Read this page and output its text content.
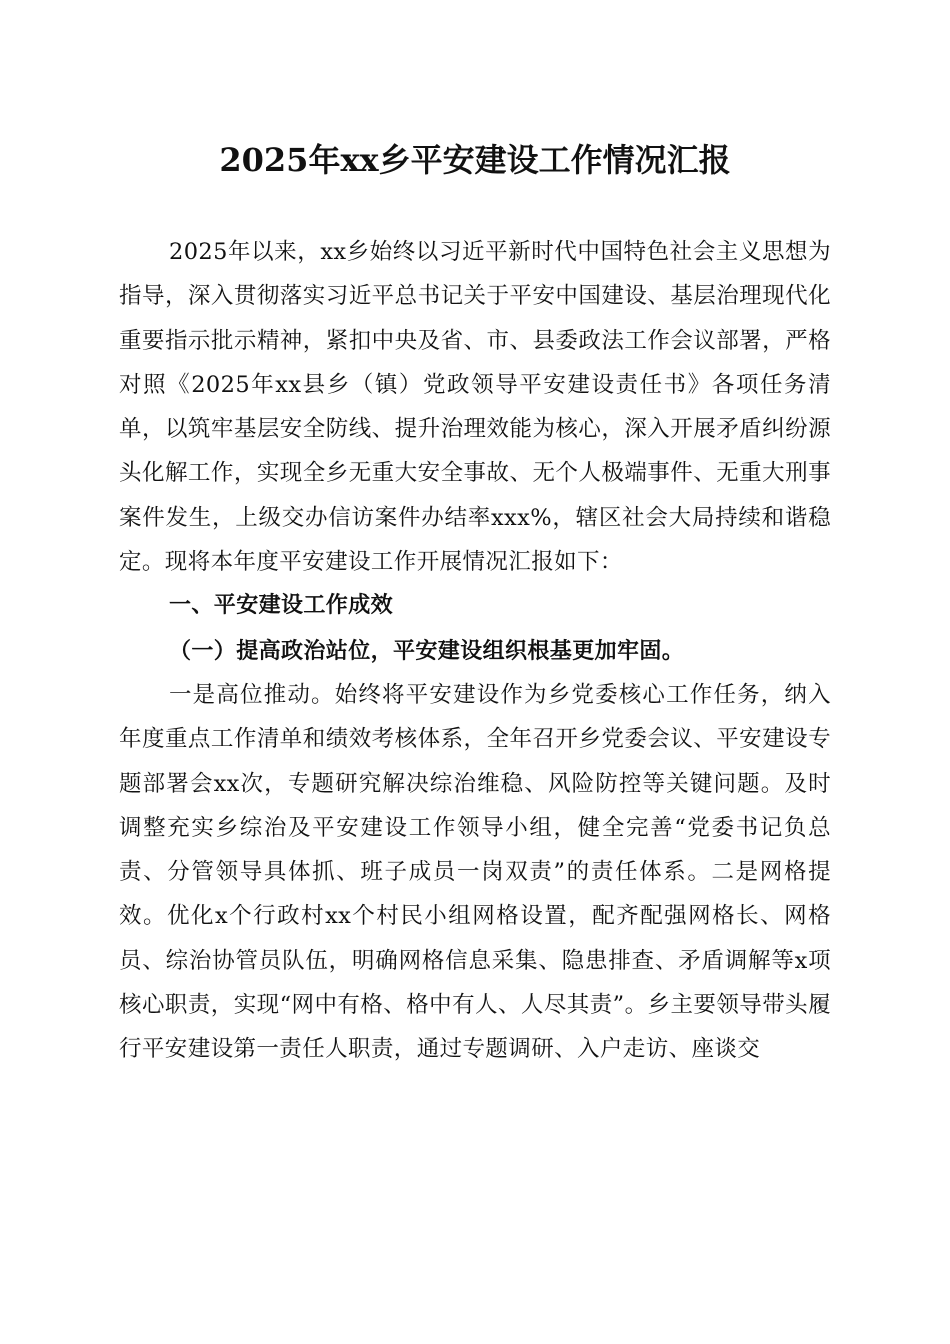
2025年xx乡平安建设工作情况汇报

2025年以来，xx乡始终以习近平新时代中国特色社会主义思想为指导，深入贯彻落实习近平总书记关于平安中国建设、基层治理现代化重要指示批示精神，紧扣中央及省、市、县委政法工作会议部署，严格对照《2025年xx县乡（镇）党政领导平安建设责任书》各项任务清单，以筑牢基层安全防线、提升治理效能为核心，深入开展矛盾纠纷源头化解工作，实现全乡无重大安全事故、无个人极端事件、无重大刑事案件发生，上级交办信访案件办结率xxx%，辖区社会大局持续和谐稳定。现将本年度平安建设工作开展情况汇报如下：

一、平安建设工作成效

（一）提高政治站位，平安建设组织根基更加牢固。

一是高位推动。始终将平安建设作为乡党委核心工作任务，纳入年度重点工作清单和绩效考核体系，全年召开乡党委会议、平安建设专题部署会xx次，专题研究解决综治维稳、风险防控等关键问题。及时调整充实乡综治及平安建设工作领导小组，健全完善“党委书记负总责、分管领导具体抓、班子成员一岗双责”的责任体系。二是网格提效。优化x个行政村xx个村民小组网格设置，配齐配强网格长、网格员、综治协管员队伍，明确网格信息采集、隐患排查、矛盾调解等x项核心职责，实现“网中有格、格中有人、人尽其责”。乡主要领导带头履行平安建设第一责任人职责，通过专题调研、入户走访、座谈交
